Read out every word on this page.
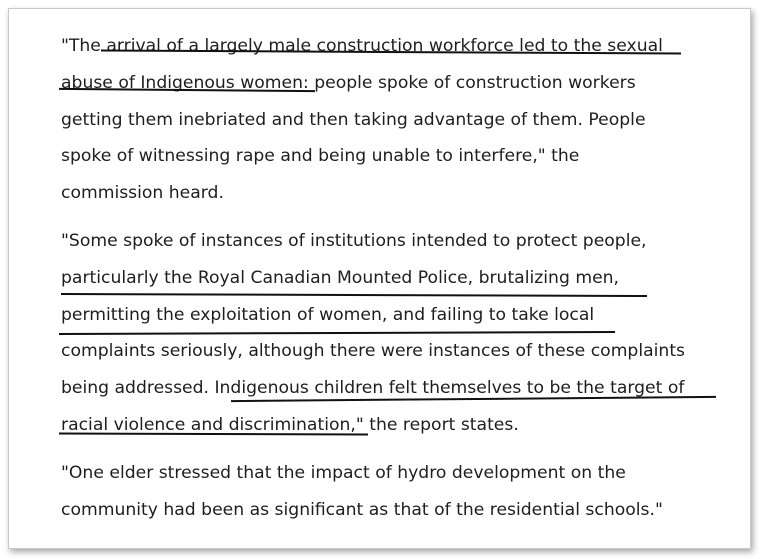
"The arrival of a largely male construction workforce led to the sexual
abuse of Indigenous women: people spoke of construction workers
getting them inebriated and then taking advantage of them. People
spoke of witnessing rape and being unable to interfere," the
commission heard.
"Some spoke of instances of institutions intended to protect people,
particularly the Royal Canadian Mounted Police, brutalizing men,
permitting the exploitation of women, and failing to take local
complaints seriously, although there were instances of these complaints
being addressed. Indigenous children felt themselves to be the target of
racial violence and discrimination," the report states.
"One elder stressed that the impact of hydro development on the
community had been as significant as that of the residential schools."
